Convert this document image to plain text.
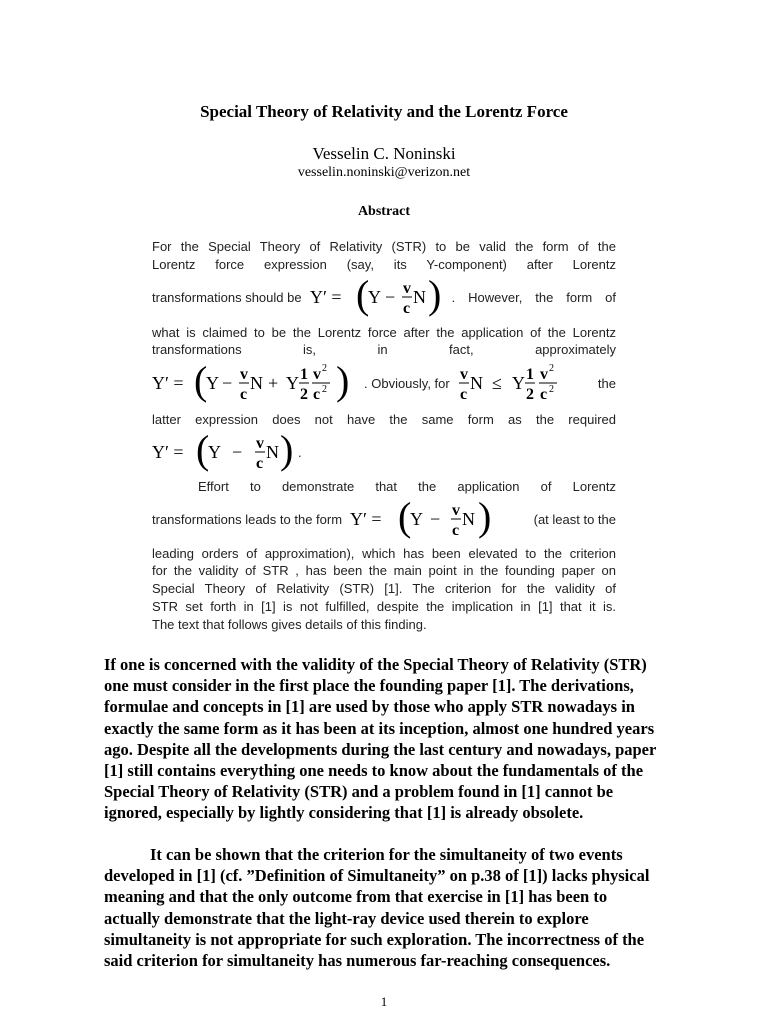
Special Theory of Relativity and the Lorentz Force
Vesselin C. Noninski
vesselin.noninski@verizon.net
Abstract
For the Special Theory of Relativity (STR) to be valid the form of the
Lorentz force expression (say, its Y-component) after Lorentz
transformations should be Y′ = (
Y − v
c
N ) . However, the form of
what is claimed to be the Lorentz force after the application of the Lorentz
transformations is, in fact, approximately
Y′ = (
Y − v
c
N + Y 1
2
v 2
c 2 ) . Obviously, for v
c
N ≤ Y 1
2
v 2
c 2	the
latter expression does not have the same form as the required
Y′ = (
Y − v
c
N ) .
Effort to demonstrate that the application of Lorentz
transformations leads to the form Y′ = (
Y − v
c
N )	(at least to the
leading orders of approximation), which has been elevated to the criterion
for the validity of STR , has been the main point in the founding paper on
Special Theory of Relativity (STR) [1]. The criterion for the validity of
STR set forth in [1] is not fulfilled, despite the implication in [1] that it is.
The text that follows gives details of this finding.
If one is concerned with the validity of the Special Theory of Relativity (STR) one must consider in the first place the founding paper [1]. The derivations, formulae and concepts in [1] are used by those who apply STR nowadays in exactly the same form as it has been at its inception, almost one hundred years ago. Despite all the developments during the last century and nowadays, paper [1] still contains everything one needs to know about the fundamentals of the Special Theory of Relativity (STR) and a problem found in [1] cannot be ignored, especially by lightly considering that [1] is already obsolete.
It can be shown that the criterion for the simultaneity of two events developed in [1] (cf. ”Definition of Simultaneity” on p.38 of [1]) lacks physical meaning and that the only outcome from that exercise in [1] has been to actually demonstrate that the light-ray device used therein to explore simultaneity is not appropriate for such exploration. The incorrectness of the said criterion for simultaneity has numerous far-reaching consequences.
1
